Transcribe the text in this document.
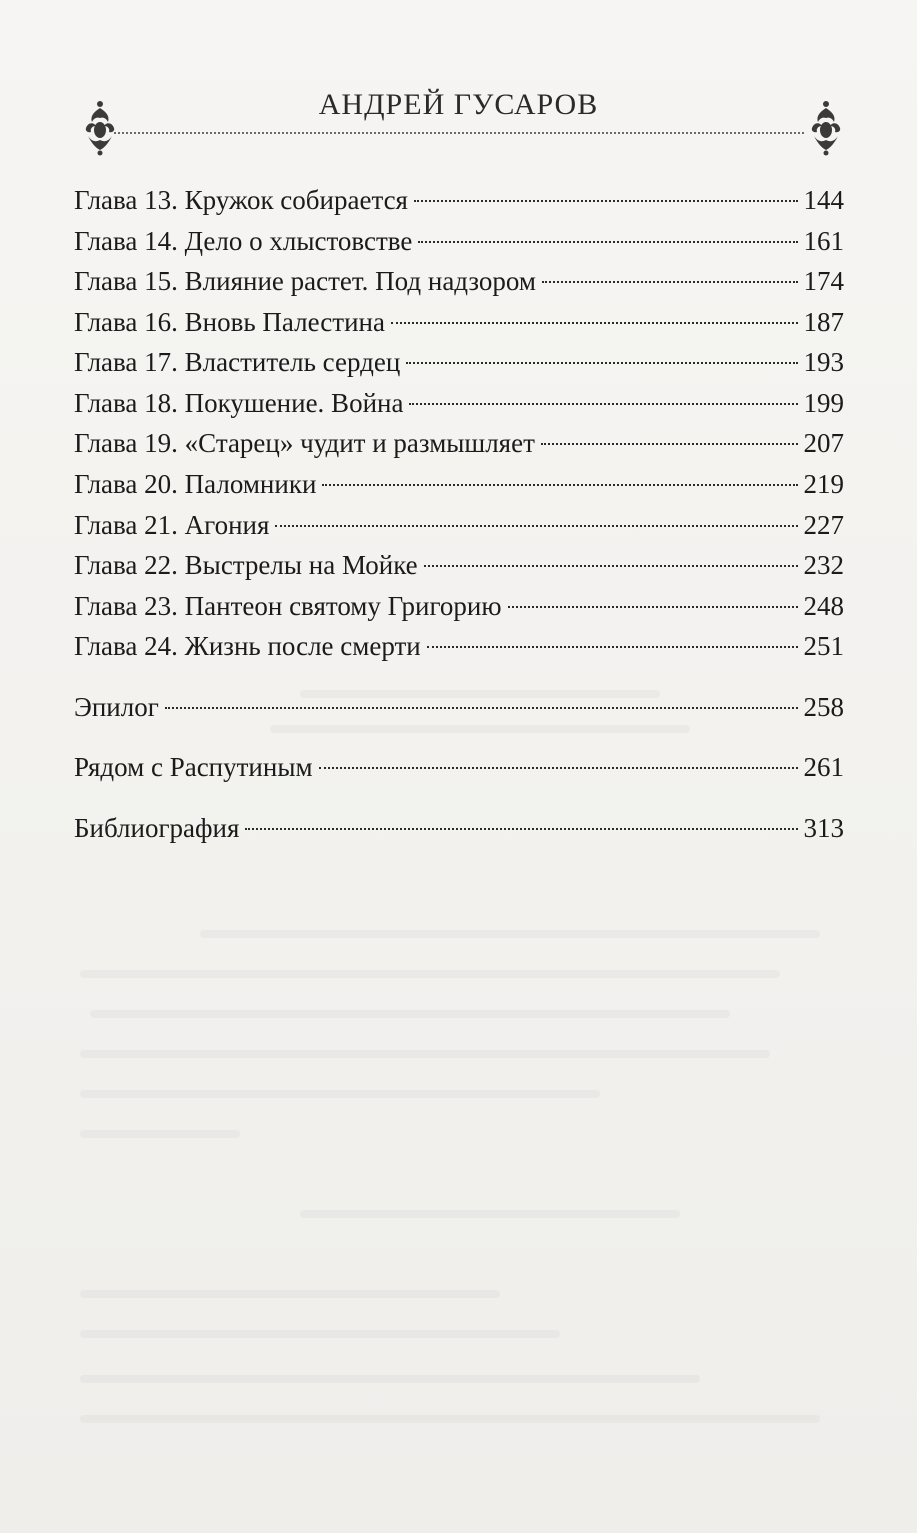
АНДРЕЙ ГУСАРОВ
Глава 13. Кружок собирается	144
Глава 14. Дело о хлыстовстве	161
Глава 15. Влияние растет. Под надзором	174
Глава 16. Вновь Палестина	187
Глава 17. Властитель сердец	193
Глава 18. Покушение. Война	199
Глава 19. «Старец» чудит и размышляет	207
Глава 20. Паломники	219
Глава 21. Агония	227
Глава 22. Выстрелы на Мойке	232
Глава 23. Пантеон святому Григорию	248
Глава 24. Жизнь после смерти	251
Эпилог	258
Рядом с Распутиным	261
Библиография	313
